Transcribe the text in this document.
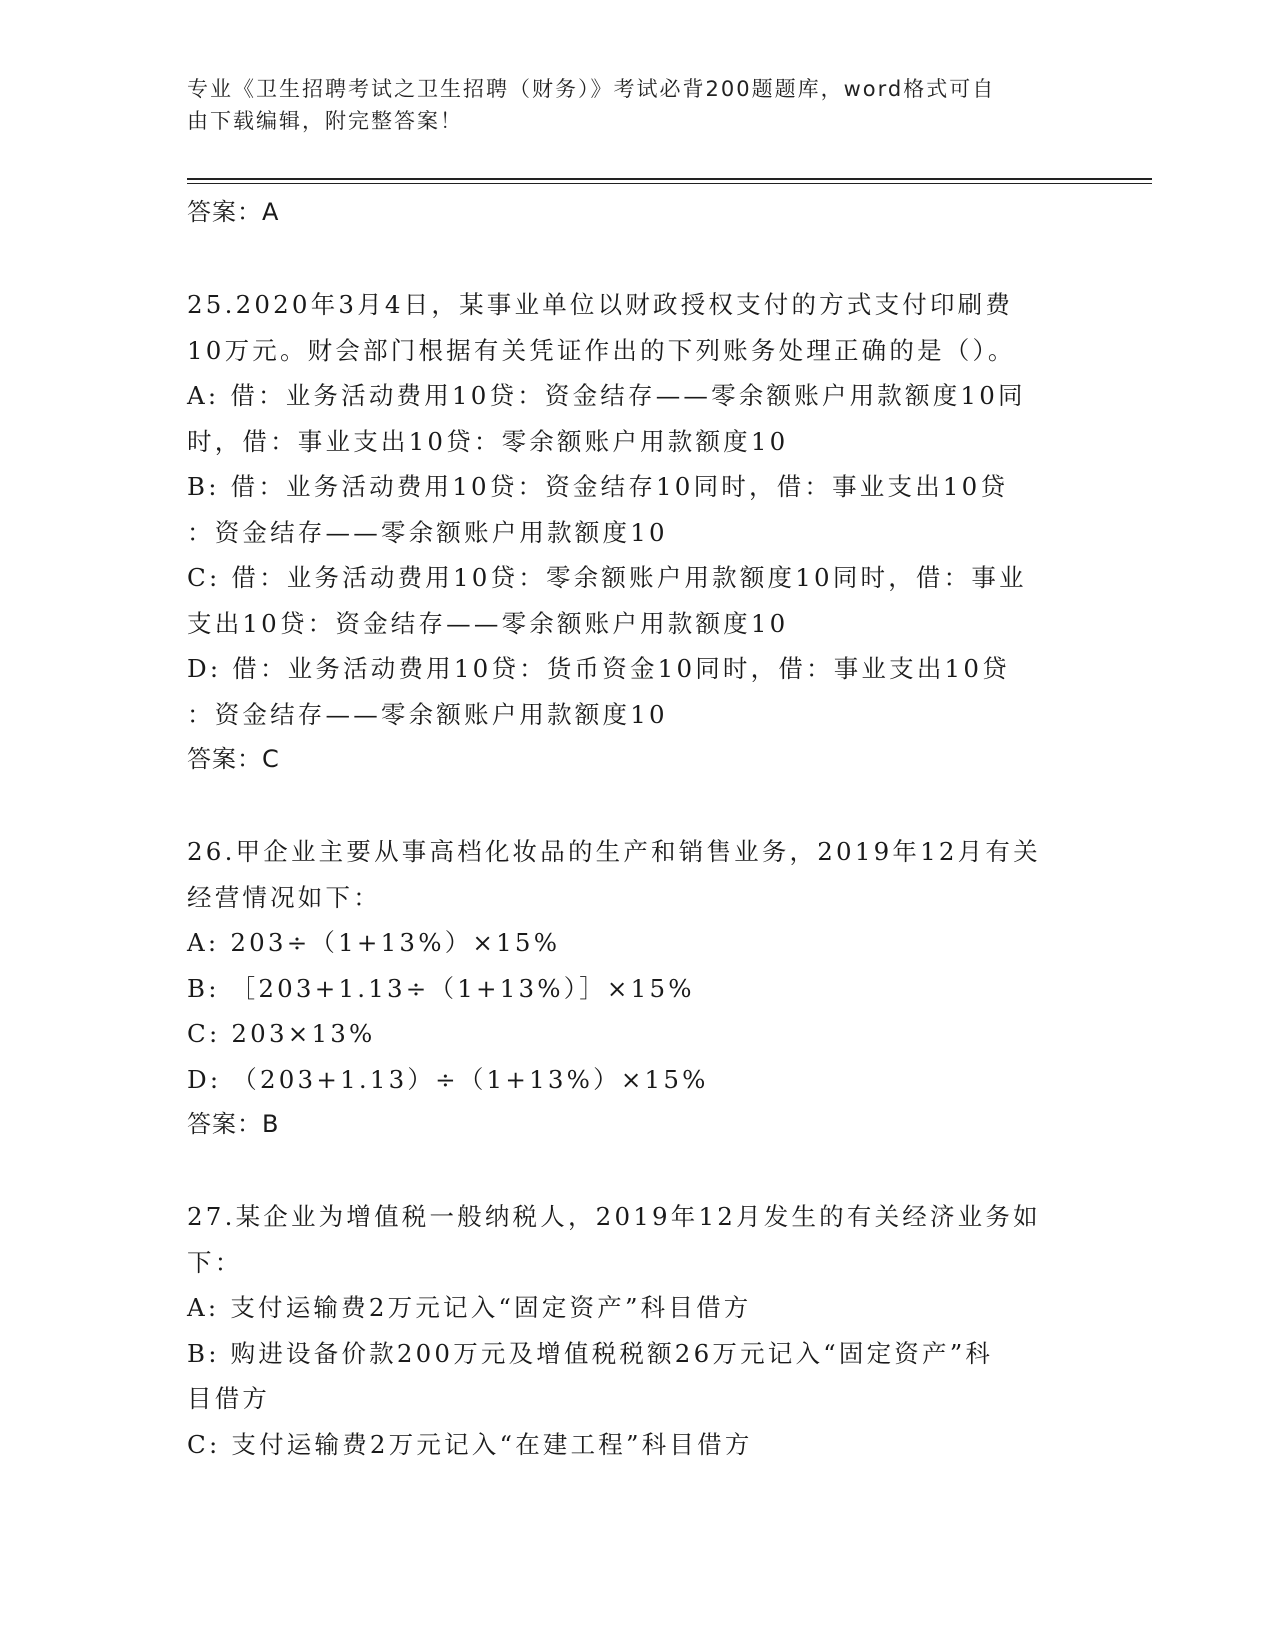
专业《卫生招聘考试之卫生招聘（财务）》考试必背200题题库，word格式可自
由下载编辑，附完整答案！

答案：A

25.2020年3月4日，某事业单位以财政授权支付的方式支付印刷费

10万元。财会部门根据有关凭证作出的下列账务处理正确的是（）。

A: 借：业务活动费用10贷：资金结存——零余额账户用款额度10同

时，借：事业支出10贷：零余额账户用款额度10

B: 借：业务活动费用10贷：资金结存10同时，借：事业支出10贷

：资金结存——零余额账户用款额度10

C: 借：业务活动费用10贷：零余额账户用款额度10同时，借：事业

支出10贷：资金结存——零余额账户用款额度10

D: 借：业务活动费用10贷：货币资金10同时，借：事业支出10贷

：资金结存——零余额账户用款额度10

答案：C

26.甲企业主要从事高档化妆品的生产和销售业务，2019年12月有关

经营情况如下：

A: 203÷（1+13%）×15%

B: ［203+1.13÷（1+13%）］×15%

C: 203×13%

D: （203+1.13）÷（1+13%）×15%

答案：B

27.某企业为增值税一般纳税人，2019年12月发生的有关经济业务如

下：

A: 支付运输费2万元记入“固定资产”科目借方

B: 购进设备价款200万元及增值税税额26万元记入“固定资产”科

目借方

C: 支付运输费2万元记入“在建工程”科目借方
